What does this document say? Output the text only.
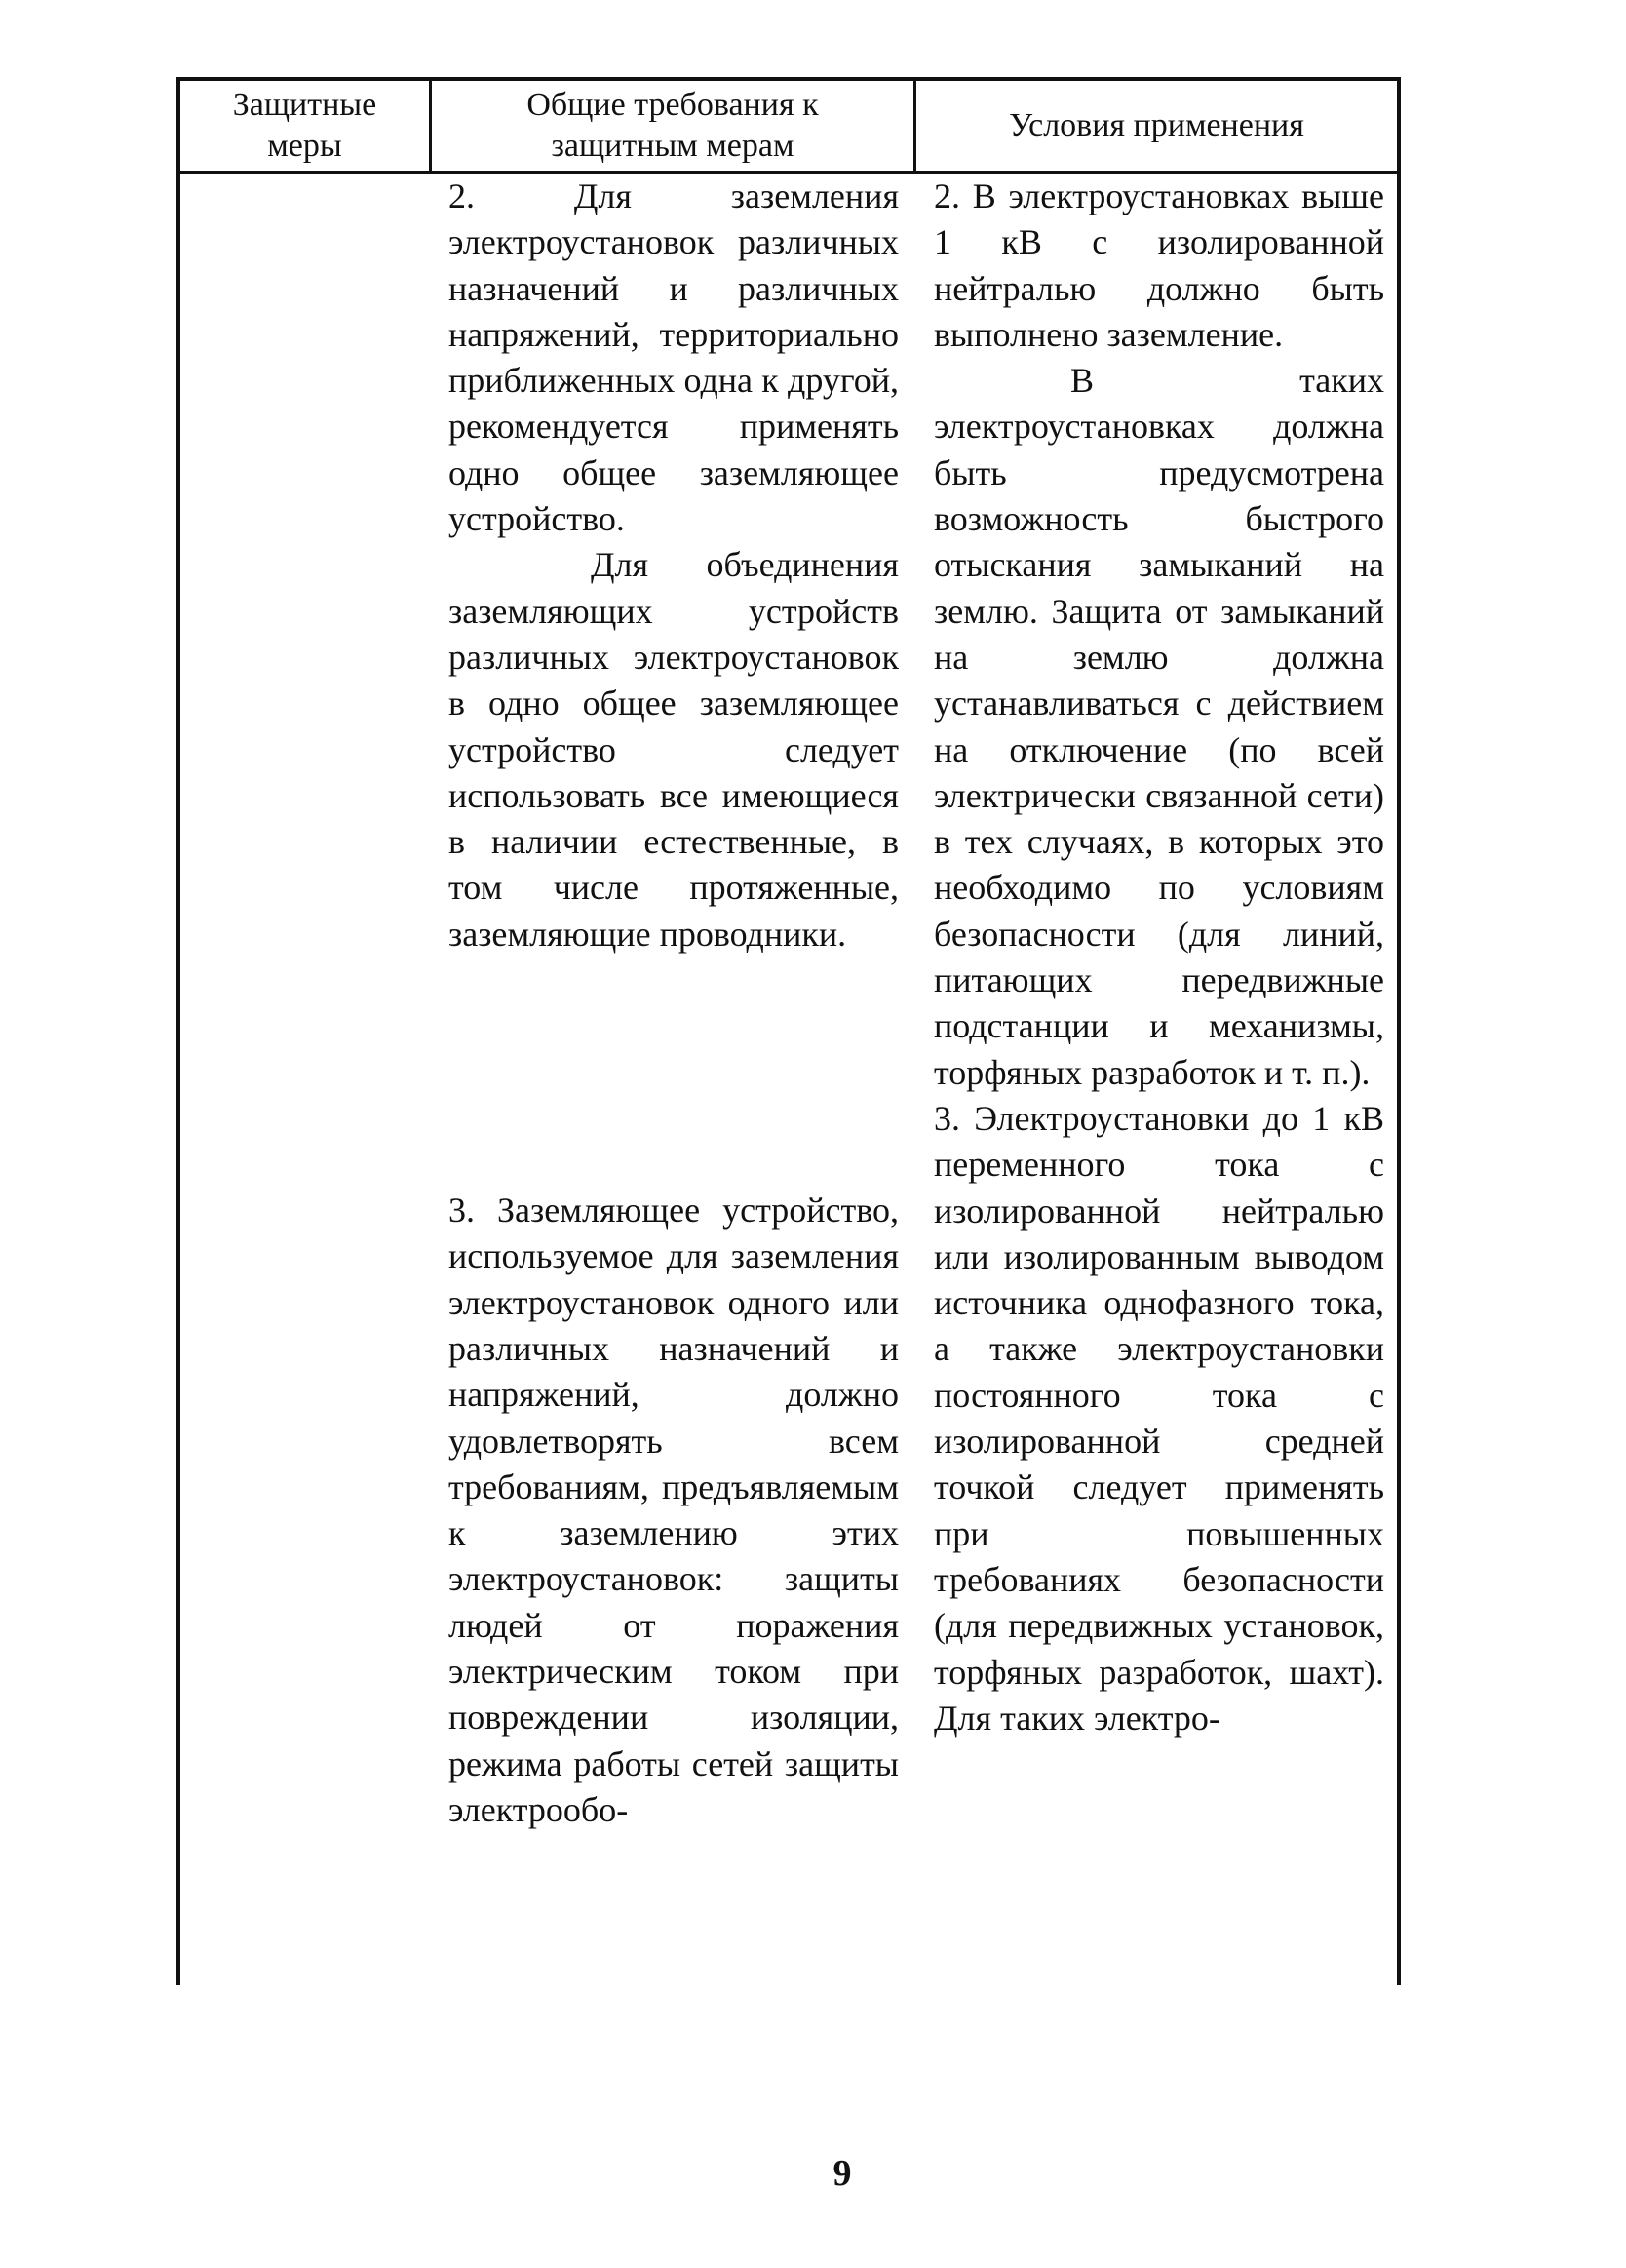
Защитные
меры
Общие требования к
защитным мерам
Условия применения

2. Для заземления электроустановок различных назначений и различных напряжений, территориально приближенных одна к другой, рекомендуется применять одно общее заземляющее устройство.

Для объединения заземляющих устройств различных электроустановок в одно общее заземляющее устройство следует использовать все имеющиеся в наличии естественные, в том числе протяженные, заземляющие проводники.

3. Заземляющее устройство, используемое для заземления электроустановок одного или различных назначений и напряжений, должно удовлетворять всем требованиям, предъявляемым к заземлению этих электроустановок: защиты людей от поражения электрическим током при повреждении изоляции, режима работы сетей защиты электрообо-

2. В электроустановках выше 1 кВ с изолированной нейтралью должно быть выполнено заземление.

В таких электроустановках должна быть предусмотрена возможность быстрого отыскания замыканий на землю. Защита от замыканий на землю должна устанавливаться с действием на отключение (по всей электрически связанной сети) в тех случаях, в которых это необходимо по условиям безопасности (для линий, питающих передвижные подстанции и механизмы, торфяных разработок и т. п.).

3. Электроустановки до 1 кВ переменного тока с изолированной нейтралью или изолированным выводом источника однофазного тока, а также электроустановки постоянного тока с изолированной средней точкой следует применять при повышенных требованиях безопасности (для передвижных установок, торфяных разработок, шахт). Для таких электро-

9
